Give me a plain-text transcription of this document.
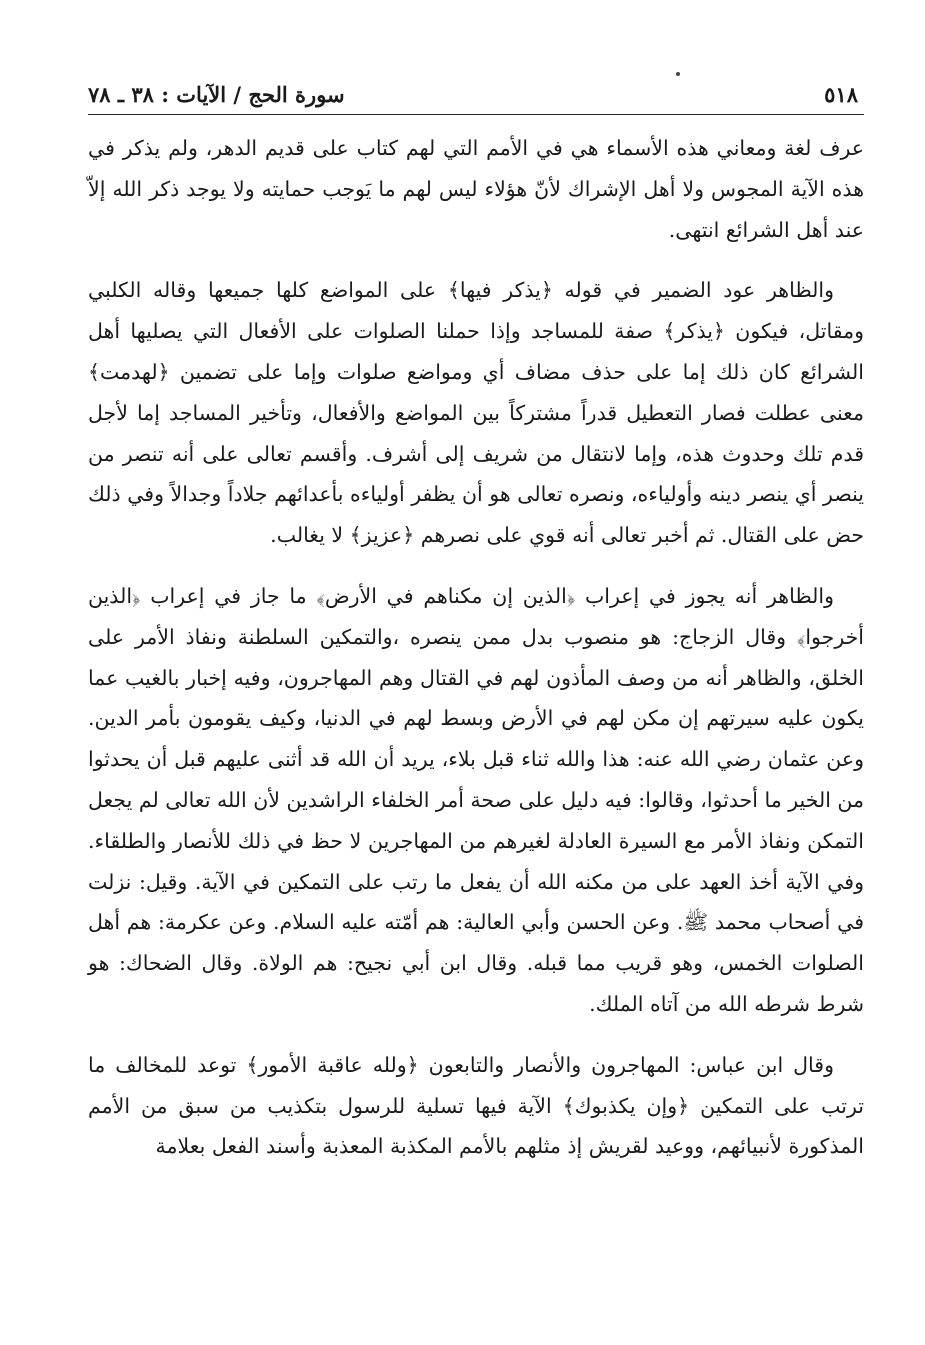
٥١٨
سورة الحج / الآيات : ٣٨ ـ ٧٨

عرف لغة ومعاني هذه الأسماء هي في الأمم التي لهم كتاب على قديم الدهر، ولم يذكر في هذه الآية المجوس ولا أهل الإشراك لأنّ هؤلاء ليس لهم ما يَوجب حمايته ولا يوجد ذكر الله إلاّ عند أهل الشرائع انتهى.

والظاهر عود الضمير في قوله ﴿يذكر فيها﴾ على المواضع كلها جميعها وقاله الكلبي ومقاتل، فيكون ﴿يذكر﴾ صفة للمساجد وإذا حملنا الصلوات على الأفعال التي يصليها أهل الشرائع كان ذلك إما على حذف مضاف أي ومواضع صلوات وإما على تضمين ﴿لهدمت﴾ معنى عطلت فصار التعطيل قدراً مشتركاً بين المواضع والأفعال، وتأخير المساجد إما لأجل قدم تلك وحدوث هذه، وإما لانتقال من شريف إلى أشرف. وأقسم تعالى على أنه تنصر من ينصر أي ينصر دينه وأولياءه، ونصره تعالى هو أن يظفر أولياءه بأعدائهم جلاداً وجدالاً وفي ذلك حض على القتال. ثم أخبر تعالى أنه قوي على نصرهم ﴿عزيز﴾ لا يغالب.

والظاهر أنه يجوز في إعراب ﴿الذين إن مكناهم في الأرض﴾ ما جاز في إعراب ﴿الذين أخرجوا﴾ وقال الزجاج: هو منصوب بدل ممن ينصره ،والتمكين السلطنة ونفاذ الأمر على الخلق، والظاهر أنه من وصف المأذون لهم في القتال وهم المهاجرون، وفيه إخبار بالغيب عما يكون عليه سيرتهم إن مكن لهم في الأرض وبسط لهم في الدنيا، وكيف يقومون بأمر الدين. وعن عثمان رضي الله عنه: هذا والله ثناء قبل بلاء، يريد أن الله قد أثنى عليهم قبل أن يحدثوا من الخير ما أحدثوا، وقالوا: فيه دليل على صحة أمر الخلفاء الراشدين لأن الله تعالى لم يجعل التمكن ونفاذ الأمر مع السيرة العادلة لغيرهم من المهاجرين لا حظ في ذلك للأنصار والطلقاء. وفي الآية أخذ العهد على من مكنه الله أن يفعل ما رتب على التمكين في الآية. وقيل: نزلت في أصحاب محمد ﷺ. وعن الحسن وأبي العالية: هم أمّته عليه السلام. وعن عكرمة: هم أهل الصلوات الخمس، وهو قريب مما قبله. وقال ابن أبي نجيح: هم الولاة. وقال الضحاك: هو شرط شرطه الله من آتاه الملك.

وقال ابن عباس: المهاجرون والأنصار والتابعون ﴿ولله عاقبة الأمور﴾ توعد للمخالف ما ترتب على التمكين ﴿وإن يكذبوك﴾ الآية فيها تسلية للرسول بتكذيب من سبق من الأمم المذكورة لأنبيائهم، ووعيد لقريش إذ مثلهم بالأمم المكذبة المعذبة وأسند الفعل بعلامة
